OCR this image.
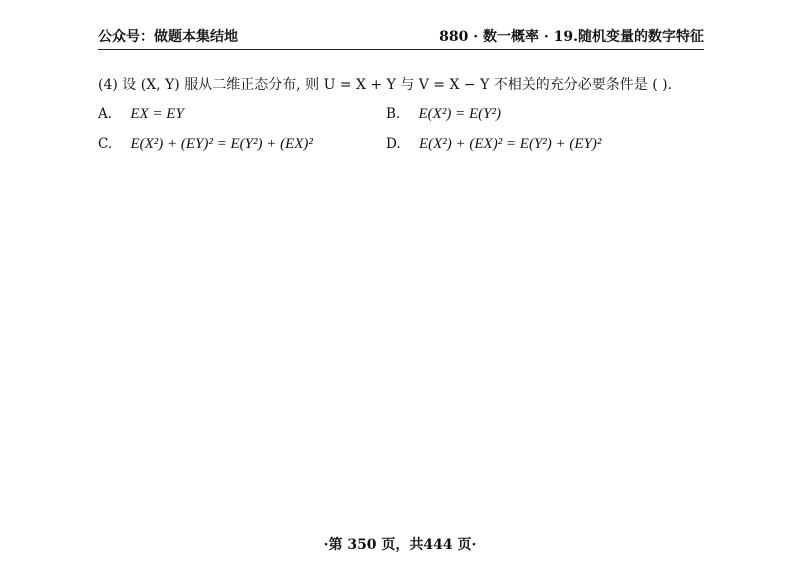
公众号：做题本集结地	880 · 数一概率 · 19.随机变量的数字特征
(4) 设 (X, Y) 服从二维正态分布, 则 U = X + Y 与 V = X − Y 不相关的充分必要条件是 ( ).
A. EX = EY	B. E(X²) = E(Y²)
C. E(X²) + (EY)² = E(Y²) + (EX)²	D. E(X²) + (EX)² = E(Y²) + (EY)²
·第 350 页，共444 页·
